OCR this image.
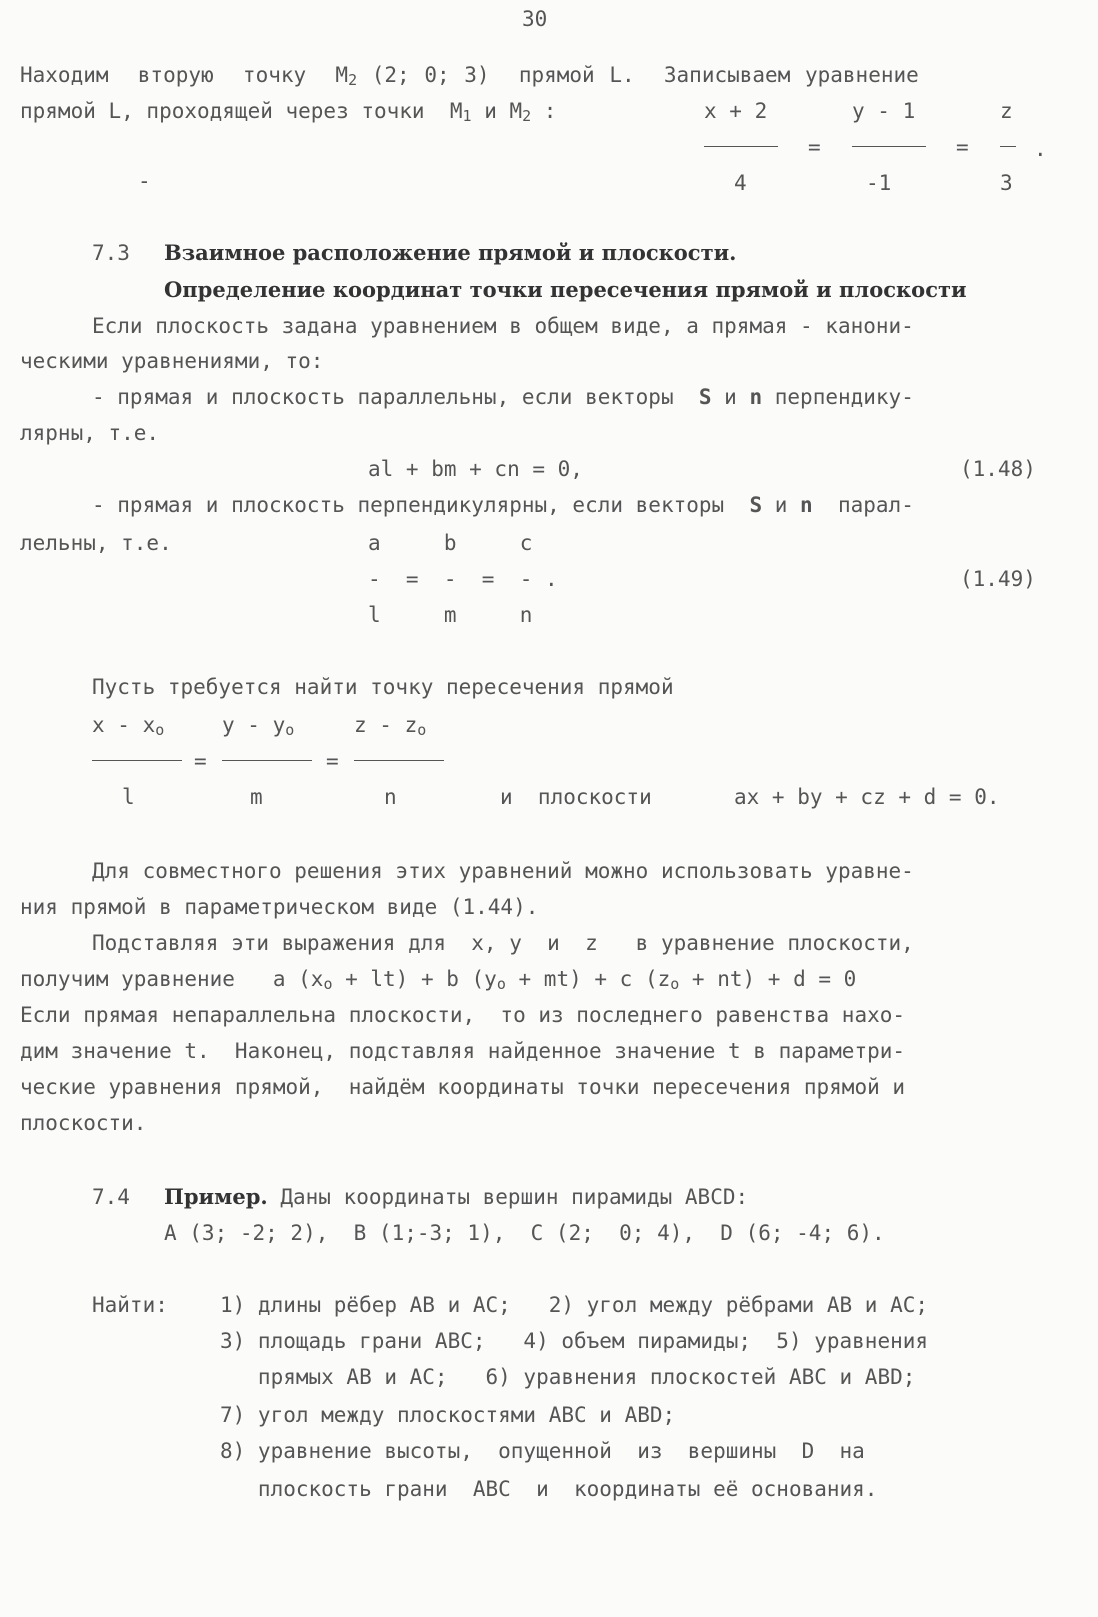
30
Находим  вторую  точку  $M_2$ (2; 0; 3)  прямой L.  Записываем уравнение
прямой L, проходящей через точки  $M_1$ и $M_2$ :	x + 2	y - 1	z
=	=	.
4	-1	3
-
7.3 Взаимное расположение прямой и плоскости.
Определение координат точки пересечения прямой и плоскости
Если плоскость задана уравнением в общем виде, а прямая - канони-
ческими уравнениями, то:
- прямая и плоскость параллельны, если векторы  S и n перпендику-
лярны, т.е.
al + bm + cn = 0,	(1.48)
- прямая и плоскость перпендикулярны, если векторы  S и n  парал-
лельны, т.е.	a     b     c
-  =  -  =  - .	(1.49)
l     m     n
Пусть требуется найти точку пересечения прямой
x - $x_o$	y - $y_o$	z - $z_o$
=	=
l	m	n	и  плоскости	ax + by + cz + d = 0.
Для совместного решения этих уравнений можно использовать уравне-
ния прямой в параметрическом виде (1.44).
Подставляя эти выражения для  x, y  и  z   в уравнение плоскости,
получим уравнение   a $(x_o + lt) + b$ $(y_o + mt) + c$ $(z_o + nt) + d = 0$
Если прямая непараллельна плоскости,  то из последнего равенства нахо-
дим значение t.  Наконец, подставляя найденное значение t в параметри-
ческие уравнения прямой,  найдём координаты точки пересечения прямой и
плоскости.
7.4 Пример. Даны координаты вершин пирамиды ABCD:
A (3; -2; 2),  B (1;-3; 1),  C (2;  0; 4),  D (6; -4; 6).
Найти: 1) длины рёбер AB и AC;   2) угол между рёбрами AB и AC;
3) площадь грани ABC;   4) объем пирамиды;  5) уравнения
прямых AB и AC;   6) уравнения плоскостей ABC и ABD;
7) угол между плоскостями ABC и ABD;
8) уравнение высоты,  опущенной  из  вершины  D  на
плоскость грани  ABC  и  координаты её основания.
